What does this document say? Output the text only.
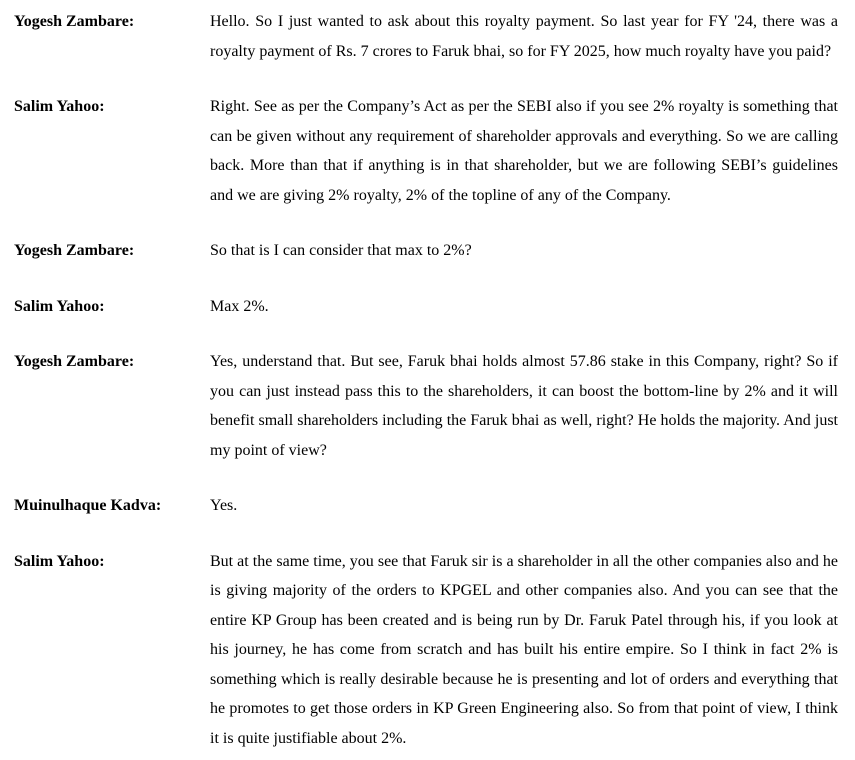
Yogesh Zambare:	Hello. So I just wanted to ask about this royalty payment. So last year for FY '24, there was a royalty payment of Rs. 7 crores to Faruk bhai, so for FY 2025, how much royalty have you paid?
Salim Yahoo:	Right. See as per the Company’s Act as per the SEBI also if you see 2% royalty is something that can be given without any requirement of shareholder approvals and everything. So we are calling back. More than that if anything is in that shareholder, but we are following SEBI’s guidelines and we are giving 2% royalty, 2% of the topline of any of the Company.
Yogesh Zambare:	So that is I can consider that max to 2%?
Salim Yahoo:	Max 2%.
Yogesh Zambare:	Yes, understand that. But see, Faruk bhai holds almost 57.86 stake in this Company, right? So if you can just instead pass this to the shareholders, it can boost the bottom-line by 2% and it will benefit small shareholders including the Faruk bhai as well, right? He holds the majority. And just my point of view?
Muinulhaque Kadva:	Yes.
Salim Yahoo:	But at the same time, you see that Faruk sir is a shareholder in all the other companies also and he is giving majority of the orders to KPGEL and other companies also. And you can see that the entire KP Group has been created and is being run by Dr. Faruk Patel through his, if you look at his journey, he has come from scratch and has built his entire empire. So I think in fact 2% is something which is really desirable because he is presenting and lot of orders and everything that he promotes to get those orders in KP Green Engineering also. So from that point of view, I think it is quite justifiable about 2%.
